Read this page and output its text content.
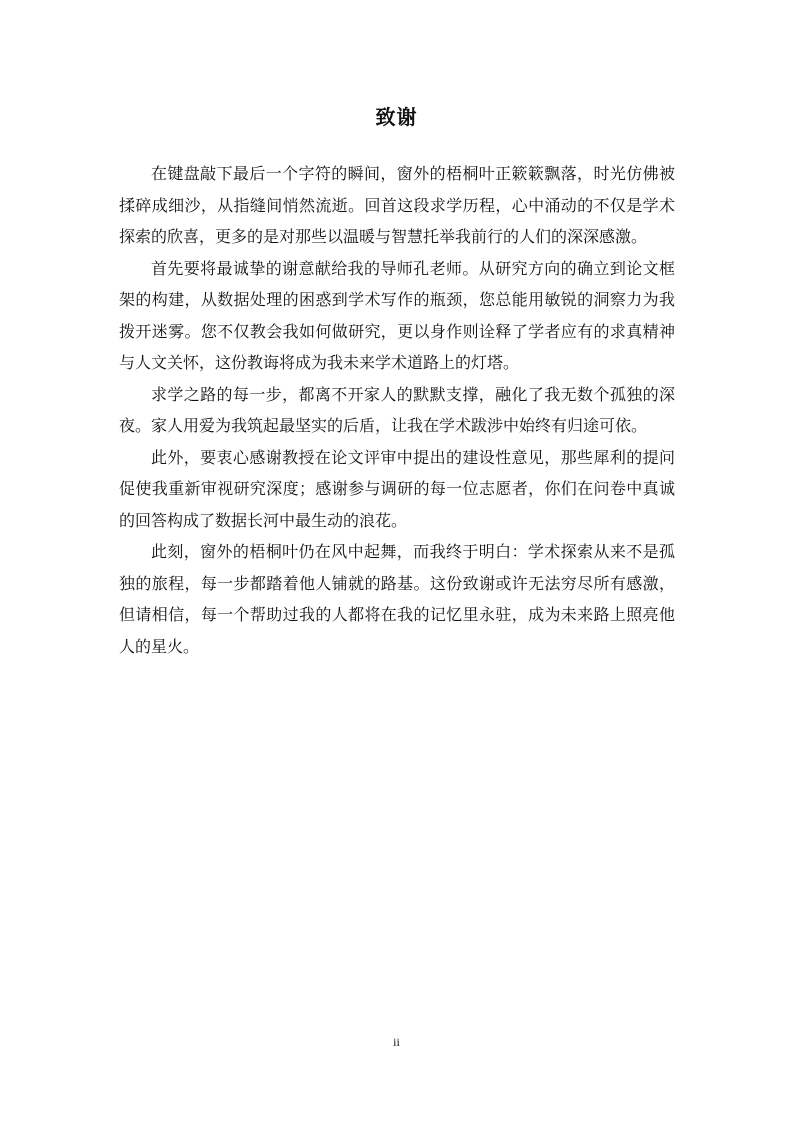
致谢

在键盘敲下最后一个字符的瞬间，窗外的梧桐叶正簌簌飘落，时光仿佛被揉碎成细沙，从指缝间悄然流逝。回首这段求学历程，心中涌动的不仅是学术探索的欣喜，更多的是对那些以温暖与智慧托举我前行的人们的深深感激。

首先要将最诚挚的谢意献给我的导师孔老师。从研究方向的确立到论文框架的构建，从数据处理的困惑到学术写作的瓶颈，您总能用敏锐的洞察力为我拨开迷雾。您不仅教会我如何做研究，更以身作则诠释了学者应有的求真精神与人文关怀，这份教诲将成为我未来学术道路上的灯塔。

求学之路的每一步，都离不开家人的默默支撑，融化了我无数个孤独的深夜。家人用爱为我筑起最坚实的后盾，让我在学术跋涉中始终有归途可依。

此外，要衷心感谢教授在论文评审中提出的建设性意见，那些犀利的提问促使我重新审视研究深度；感谢参与调研的每一位志愿者，你们在问卷中真诚的回答构成了数据长河中最生动的浪花。

此刻，窗外的梧桐叶仍在风中起舞，而我终于明白：学术探索从来不是孤独的旅程，每一步都踏着他人铺就的路基。这份致谢或许无法穷尽所有感激，但请相信，每一个帮助过我的人都将在我的记忆里永驻，成为未来路上照亮他人的星火。

ii
